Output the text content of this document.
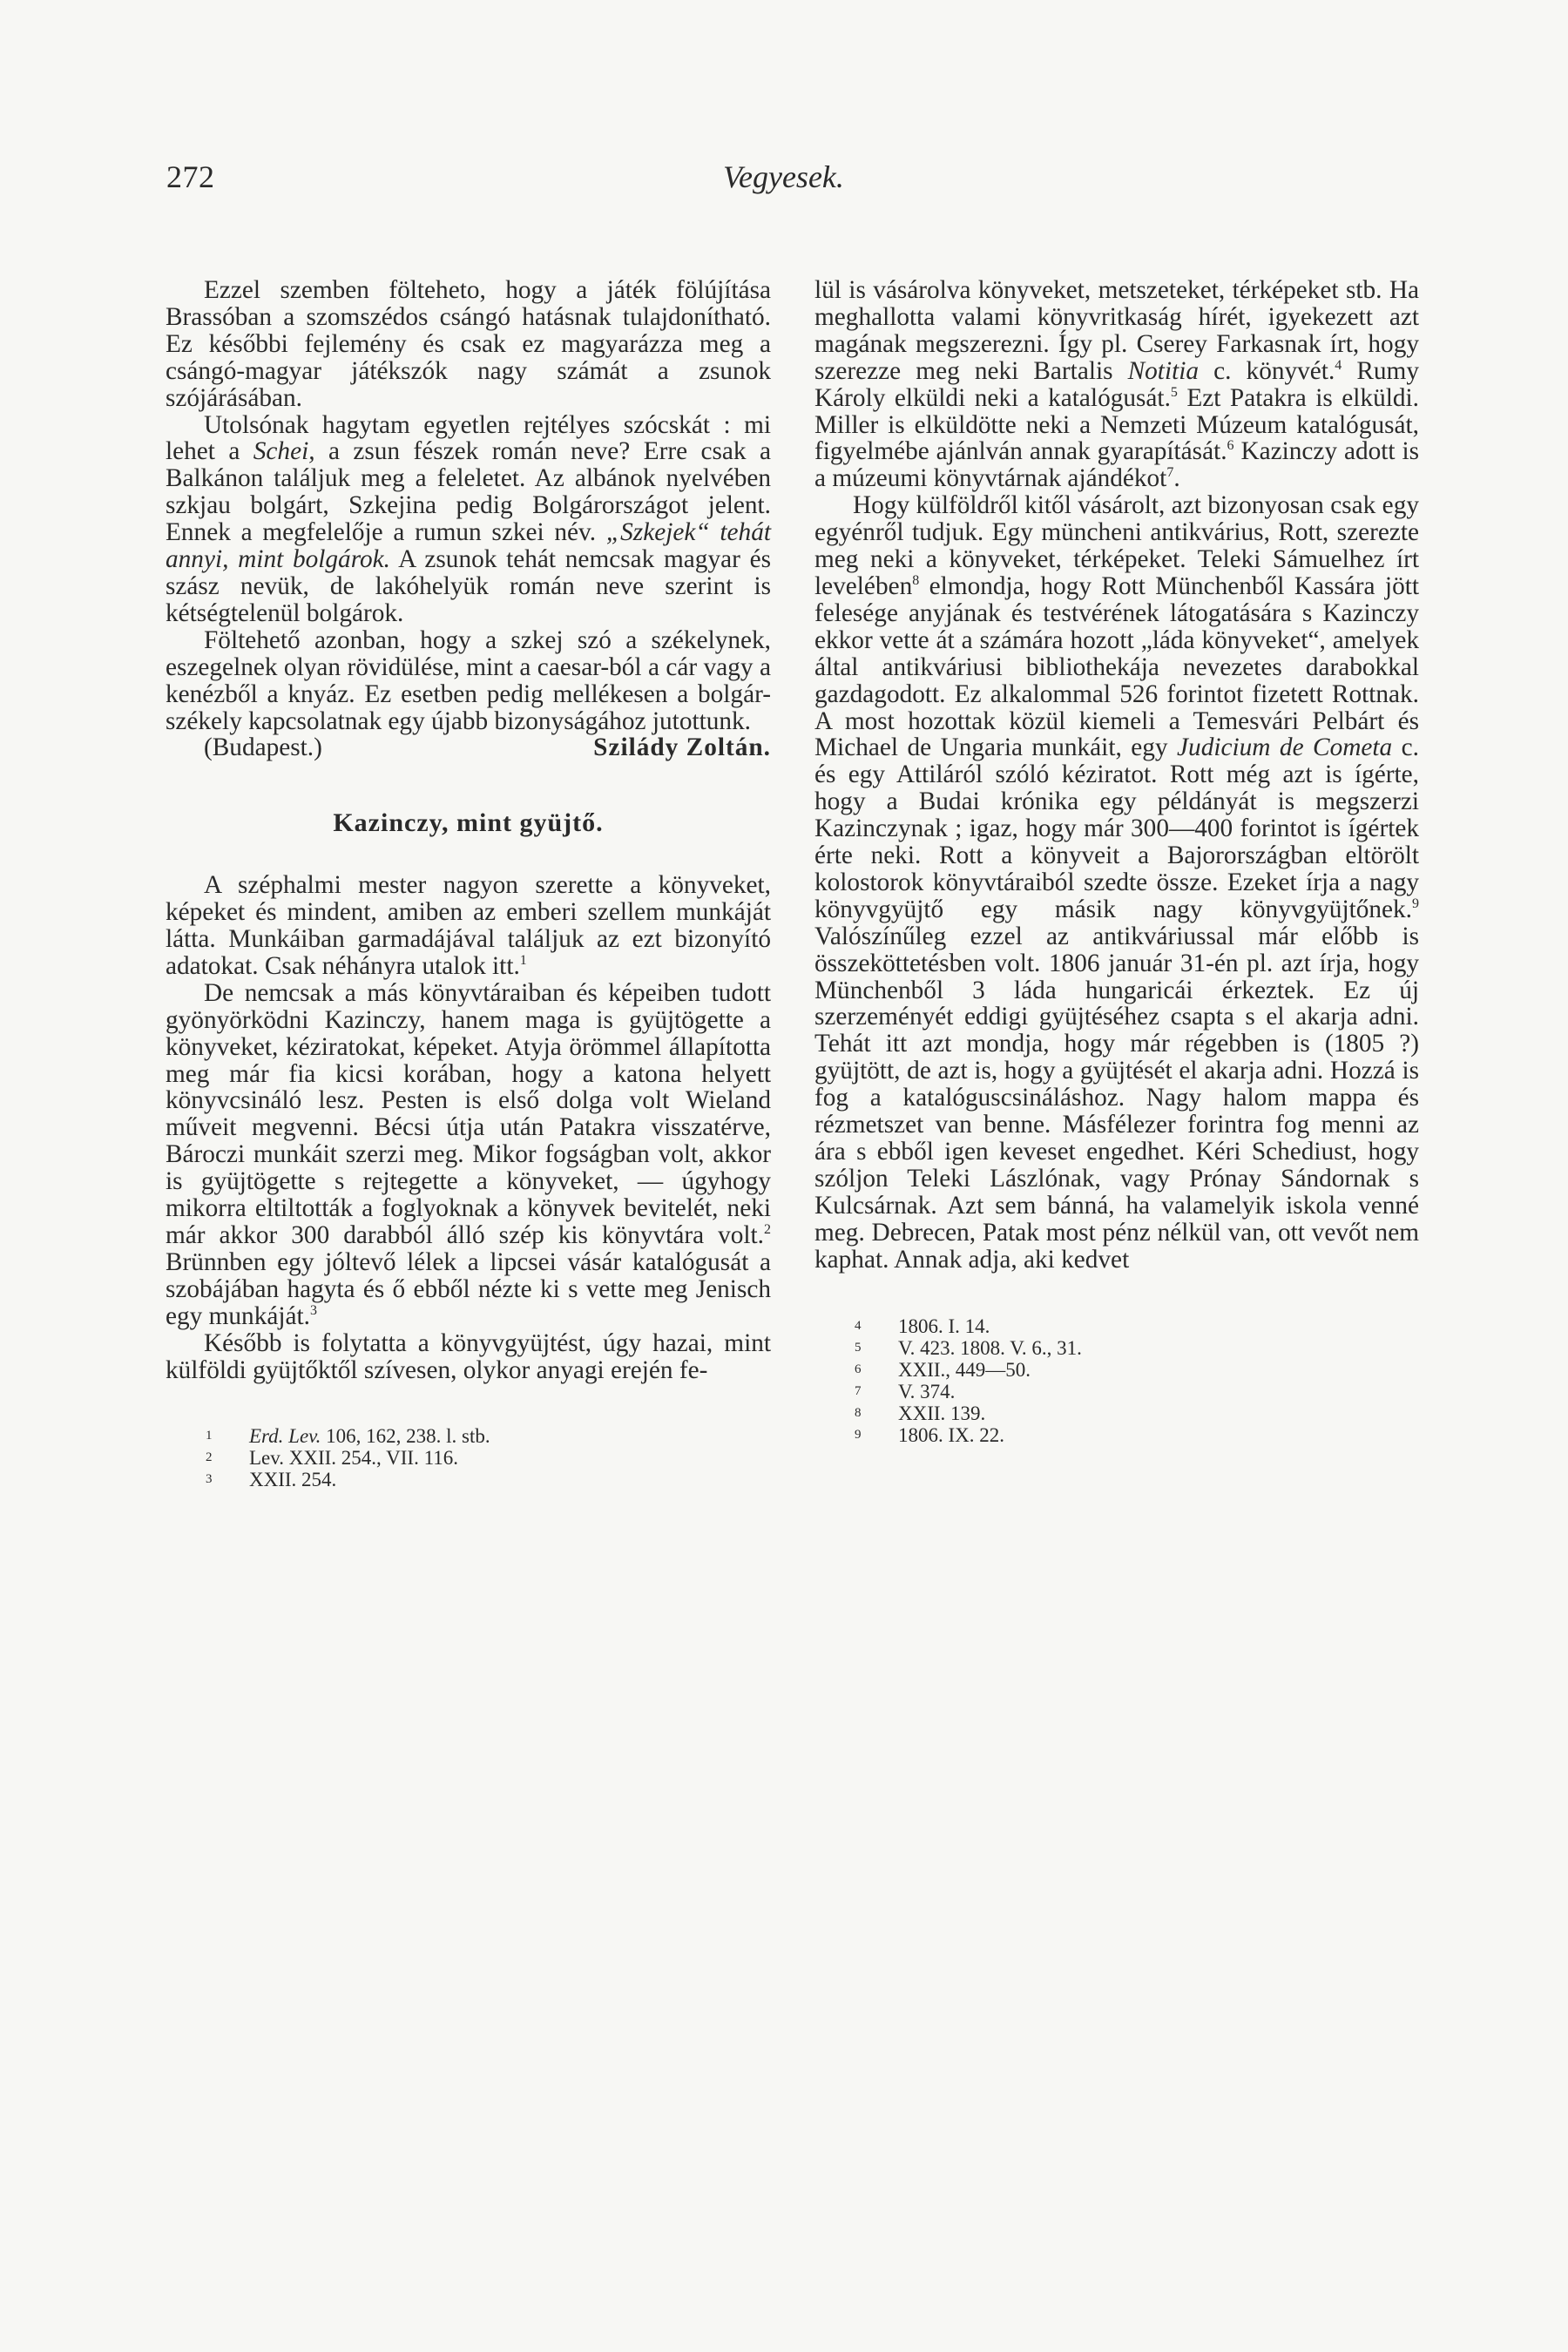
272	Vegyesek.

Ezzel szemben fölteheto, hogy a játék fölújítása Brassóban a szomszédos csángó hatásnak tulajdonítható. Ez későbbi fejlemény és csak ez magyarázza meg a csángó-magyar játékszók nagy számát a zsunok szójárásában.

Utolsónak hagytam egyetlen rejtélyes szócskát : mi lehet a Schei, a zsun fészek román neve? Erre csak a Balkánon találjuk meg a feleletet. Az albánok nyelvében szkjau bolgárt, Szkejina pedig Bolgárországot jelent. Ennek a megfelelője a rumun szkei név. „Szkejek“ tehát annyi, mint bolgárok. A zsunok tehát nemcsak magyar és szász nevük, de lakóhelyük román neve szerint is kétségtelenül bolgárok.

Föltehető azonban, hogy a szkej szó a székelynek, eszegelnek olyan rövidülése, mint a caesar-ból a cár vagy a kenézből a knyáz. Ez esetben pedig mellékesen a bolgár-székely kapcsolatnak egy újabb bizonyságához jutottunk.

(Budapest.)	Szilády Zoltán.
Kazinczy, mint gyüjtő.

A széphalmi mester nagyon szerette a könyveket, képeket és mindent, amiben az emberi szellem munkáját látta. Munkáiban garmadájával találjuk az ezt bizonyító adatokat. Csak néhányra utalok itt.$^1$

De nemcsak a más könyvtáraiban és képeiben tudott gyönyörködni Kazinczy, hanem maga is gyüjtögette a könyveket, kéziratokat, képeket. Atyja örömmel állapította meg már fia kicsi korában, hogy a katona helyett könyvcsináló lesz. Pesten is első dolga volt Wieland műveit megvenni. Bécsi útja után Patakra visszatérve, Bároczi munkáit szerzi meg. Mikor fogságban volt, akkor is gyüjtögette s rejtegette a könyveket, — úgyhogy mikorra eltiltották a foglyoknak a könyvek bevitelét, neki már akkor 300 darabból álló szép kis könyvtára volt.$^2$ Brünnben egy jóltevő lélek a lipcsei vásár katalógusát a szobájában hagyta és ő ebből nézte ki s vette meg Jenisch egy munkáját.$^3$

Később is folytatta a könyvgyüjtést, úgy hazai, mint külföldi gyüjtőktől szívesen, olykor anyagi erején fe-

1	Erd. Lev. 106, 162, 238. l. stb.
2	Lev. XXII. 254., VII. 116.
3	XXII. 254.

lül is vásárolva könyveket, metszeteket, térképeket stb. Ha meghallotta valami könyvritkaság hírét, igyekezett azt magának megszerezni. Így pl. Cserey Farkasnak írt, hogy szerezze meg neki Bartalis Notitia c. könyvét.$^4$ Rumy Károly elküldi neki a katalógusát.$^5$ Ezt Patakra is elküldi. Miller is elküldötte neki a Nemzeti Múzeum katalógusát, figyelmébe ajánlván annak gyarapítását.$^6$ Kazinczy adott is a múzeumi könyvtárnak ajándékot$^7$.

Hogy külföldről kitől vásárolt, azt bizonyosan csak egy egyénről tudjuk. Egy müncheni antikvárius, Rott, szerezte meg neki a könyveket, térképeket. Teleki Sámuelhez írt levelében$^8$ elmondja, hogy Rott Münchenből Kassára jött felesége anyjának és testvérének látogatására s Kazinczy ekkor vette át a számára hozott „láda könyveket“, amelyek által antikváriusi bibliothekája nevezetes darabokkal gazdagodott. Ez alkalommal 526 forintot fizetett Rottnak. A most hozottak közül kiemeli a Temesvári Pelbárt és Michael de Ungaria munkáit, egy Judicium de Cometa c. és egy Attiláról szóló kéziratot. Rott még azt is ígérte, hogy a Budai krónika egy példányát is megszerzi Kazinczynak ; igaz, hogy már 300—400 forintot is ígértek érte neki. Rott a könyveit a Bajorországban eltörölt kolostorok könyvtáraiból szedte össze. Ezeket írja a nagy könyvgyüjtő egy másik nagy könyvgyüjtőnek.$^9$ Valószínűleg ezzel az antikváriussal már előbb is összeköttetésben volt. 1806 január 31-én pl. azt írja, hogy Münchenből 3 láda hungaricái érkeztek. Ez új szerzeményét eddigi gyüjtéséhez csapta s el akarja adni. Tehát itt azt mondja, hogy már régebben is (1805 ?) gyüjtött, de azt is, hogy a gyüjtését el akarja adni. Hozzá is fog a katalóguscsináláshoz. Nagy halom mappa és rézmetszet van benne. Másfélezer forintra fog menni az ára s ebből igen keveset engedhet. Kéri Schediust, hogy szóljon Teleki Lászlónak, vagy Prónay Sándornak s Kulcsárnak. Azt sem bánná, ha valamelyik iskola venné meg. Debrecen, Patak most pénz nélkül van, ott vevőt nem kaphat. Annak adja, aki kedvet

4	1806. I. 14.
5	V. 423. 1808. V. 6., 31.
6	XXII., 449—50.
7	V. 374.
8	XXII. 139.
9	1806. IX. 22.
